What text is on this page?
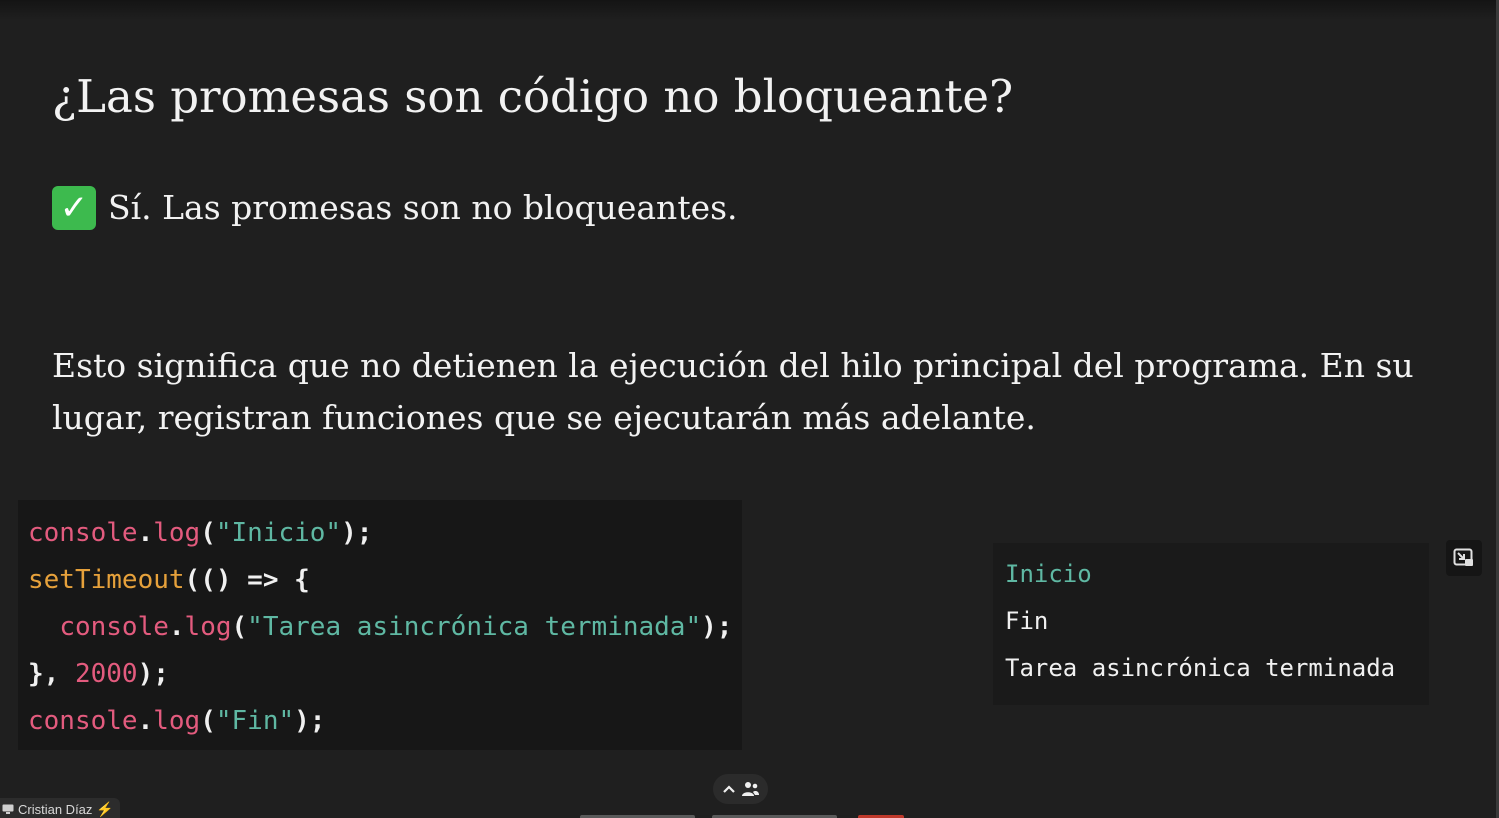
¿Las promesas son código no bloqueante?
✓ Sí. Las promesas son no bloqueantes.

Esto significa que no detienen la ejecución del hilo principal del programa. En su lugar, registran funciones que se ejecutarán más adelante.

console.log("Inicio");
setTimeout(() => {
console.log("Tarea asincrónica terminada");
}, 2000);
console.log("Fin");
Inicio
Fin
Tarea asincrónica terminada
Cristian Díaz ⚡
